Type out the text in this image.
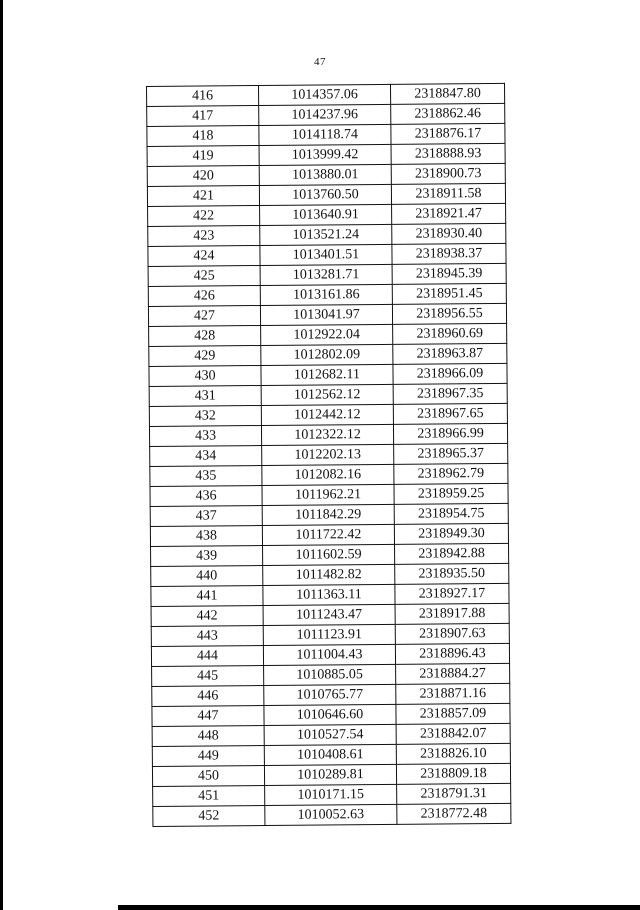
47
416	1014357.06	2318847.80
417	1014237.96	2318862.46
418	1014118.74	2318876.17
419	1013999.42	2318888.93
420	1013880.01	2318900.73
421	1013760.50	2318911.58
422	1013640.91	2318921.47
423	1013521.24	2318930.40
424	1013401.51	2318938.37
425	1013281.71	2318945.39
426	1013161.86	2318951.45
427	1013041.97	2318956.55
428	1012922.04	2318960.69
429	1012802.09	2318963.87
430	1012682.11	2318966.09
431	1012562.12	2318967.35
432	1012442.12	2318967.65
433	1012322.12	2318966.99
434	1012202.13	2318965.37
435	1012082.16	2318962.79
436	1011962.21	2318959.25
437	1011842.29	2318954.75
438	1011722.42	2318949.30
439	1011602.59	2318942.88
440	1011482.82	2318935.50
441	1011363.11	2318927.17
442	1011243.47	2318917.88
443	1011123.91	2318907.63
444	1011004.43	2318896.43
445	1010885.05	2318884.27
446	1010765.77	2318871.16
447	1010646.60	2318857.09
448	1010527.54	2318842.07
449	1010408.61	2318826.10
450	1010289.81	2318809.18
451	1010171.15	2318791.31
452	1010052.63	2318772.48
